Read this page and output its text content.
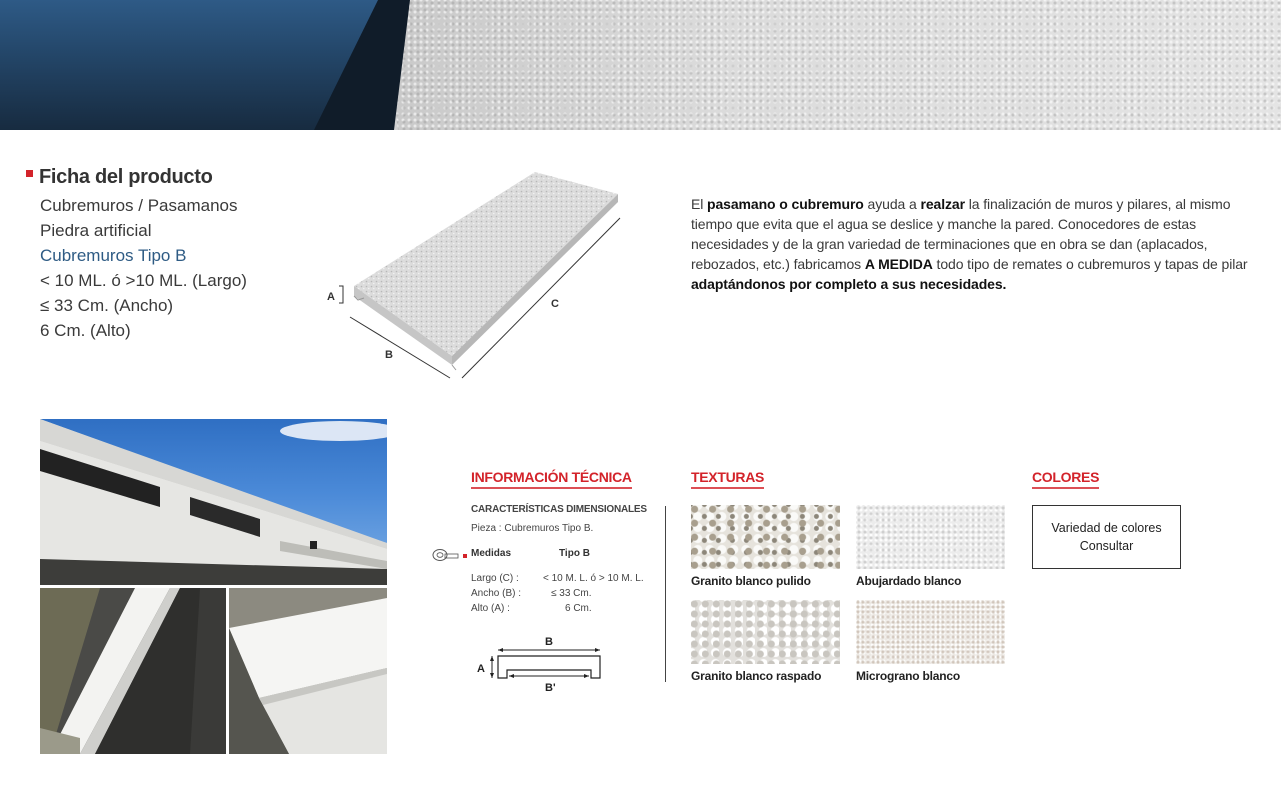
Ficha del producto
Cubremuros / Pasamanos
Piedra artificial
Cubremuros Tipo B
< 10 ML. ó >10 ML. (Largo)
≤ 33 Cm. (Ancho)
6 Cm. (Alto)
A
B
C
El pasamano o cubremuro ayuda a realzar la finalización de muros y pilares, al mismo tiempo que evita que el agua se deslice y manche la pared. Conocedores de estas necesidades y de la gran variedad de terminaciones que en obra se dan (aplacados, rebozados, etc.) fabricamos A MEDIDA todo tipo de remates o cubremuros y tapas de pilar adaptándonos por completo a sus necesidades.
INFORMACIÓN TÉCNICA
CARACTERÍSTICAS DIMENSIONALES
Pieza : Cubremuros Tipo B.
Medidas	Tipo B
Largo (C) :	< 10 M. L. ó > 10 M. L.
Ancho (B) :	≤ 33 Cm.
Alto (A) :	6 Cm.
B
A
B'
TEXTURAS
Granito blanco pulido	Abujardado blanco
Granito blanco raspado	Micrograno blanco
COLORES
Variedad de colores
Consultar
